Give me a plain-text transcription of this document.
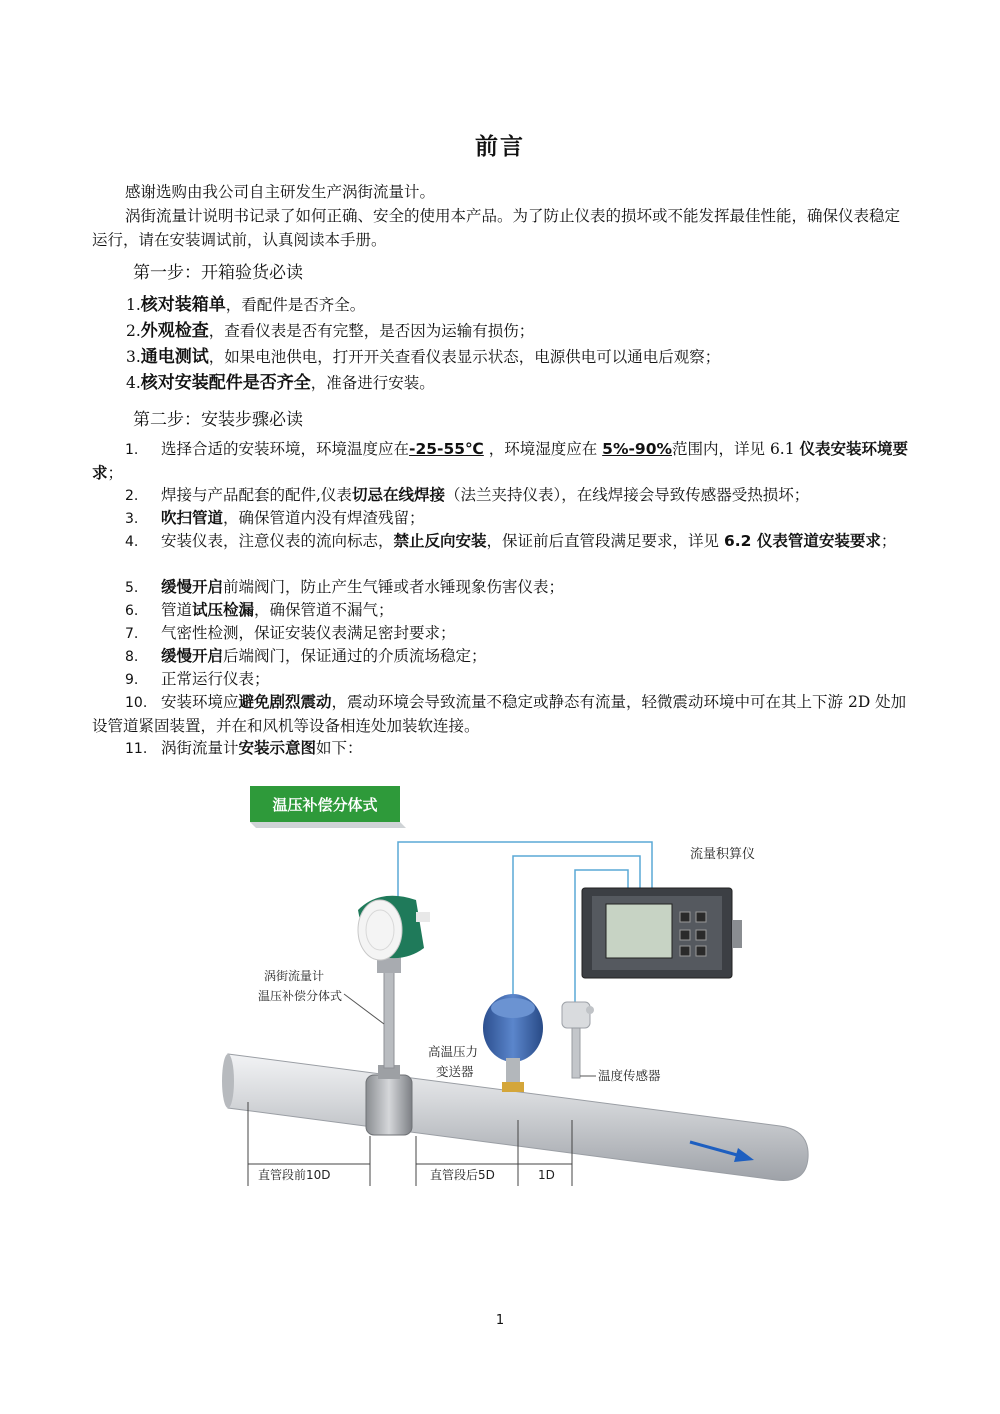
前言
感谢选购由我公司自主研发生产涡街流量计。
涡街流量计说明书记录了如何正确、安全的使用本产品。为了防止仪表的损坏或不能发挥最佳性能，确保仪表稳定运行，请在安装调试前，认真阅读本手册。
第一步：开箱验货必读
1.核对装箱单，看配件是否齐全。
2.外观检查，查看仪表是否有完整，是否因为运输有损伤；
3.通电测试，如果电池供电，打开开关查看仪表显示状态，电源供电可以通电后观察；
4.核对安装配件是否齐全，准备进行安装。
第二步：安装步骤必读
1. 选择合适的安装环境，环境温度应在-25-55℃ ，环境湿度应在 5%-90%范围内，详见 6.1 仪表安装环境要求；
2. 焊接与产品配套的配件,仪表切忌在线焊接（法兰夹持仪表），在线焊接会导致传感器受热损坏；
3. 吹扫管道，确保管道内没有焊渣残留；
4. 安装仪表，注意仪表的流向标志，禁止反向安装，保证前后直管段满足要求，详见 6.2 仪表管道安装要求；
5. 缓慢开启前端阀门，防止产生气锤或者水锤现象伤害仪表；
6. 管道试压检漏，确保管道不漏气；
7. 气密性检测，保证安装仪表满足密封要求；
8. 缓慢开启后端阀门，保证通过的介质流场稳定；
9. 正常运行仪表；
10. 安装环境应避免剧烈震动，震动环境会导致流量不稳定或静态有流量，轻微震动环境中可在其上下游 2D 处加设管道紧固装置，并在和风机等设备相连处加装软连接。
11. 涡街流量计安装示意图如下：
温压补偿分体式
流量积算仪
涡街流量计
温压补偿分体式
高温压力
变送器	温度传感器
直管段前10D	直管段后5D	1D
1
